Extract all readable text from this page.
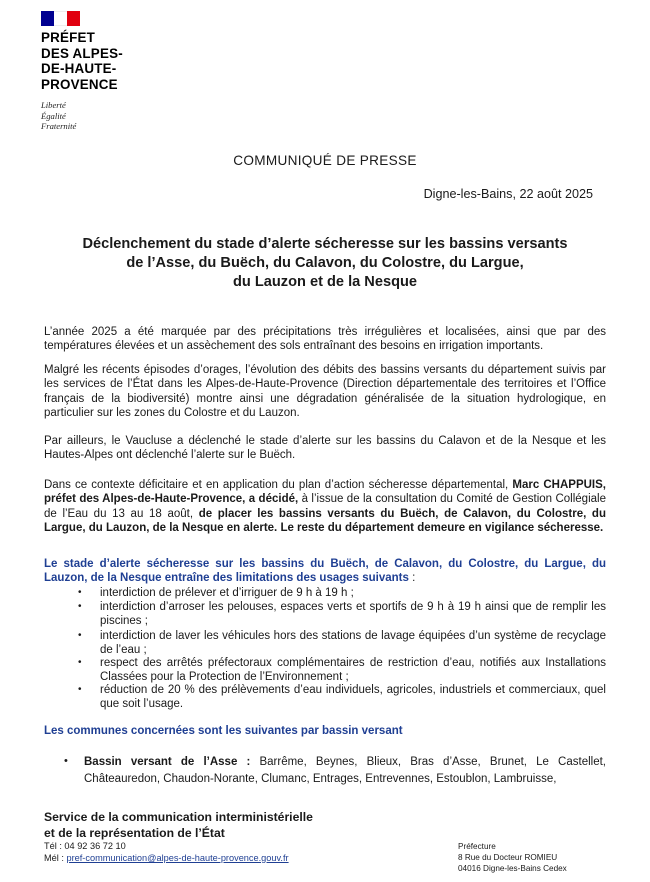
PRÉFET
DES ALPES-
DE-HAUTE-
PROVENCE
Liberté
Égalité
Fraternité
COMMUNIQUÉ DE PRESSE
Digne-les-Bains, 22 août 2025
Déclenchement du stade d’alerte sécheresse sur les bassins versants
de l’Asse, du Buëch, du Calavon, du Colostre, du Largue,
du Lauzon et de la Nesque
L’année 2025 a été marquée par des précipitations très irrégulières et localisées, ainsi que par des températures élevées et un assèchement des sols entraînant des besoins en irrigation importants.
Malgré les récents épisodes d’orages, l’évolution des débits des bassins versants du département suivis par les services de l’État dans les Alpes-de-Haute-Provence (Direction départementale des territoires et l’Office français de la biodiversité) montre ainsi une dégradation généralisée de la situation hydrologique, en particulier sur les zones du Colostre et du Lauzon.
Par ailleurs, le Vaucluse a déclenché le stade d’alerte sur les bassins du Calavon et de la Nesque et les Hautes-Alpes ont déclenché l’alerte sur le Buëch.
Dans ce contexte déficitaire et en application du plan d’action sécheresse départemental, Marc CHAPPUIS, préfet des Alpes-de-Haute-Provence, a décidé, à l’issue de la consultation du Comité de Gestion Collégiale de l’Eau du 13 au 18 août, de placer les bassins versants du Buëch, de Calavon, du Colostre, du Largue, du Lauzon, de la Nesque en alerte. Le reste du département demeure en vigilance sécheresse.
Le stade d’alerte sécheresse sur les bassins du Buëch, de Calavon, du Colostre, du Largue, du Lauzon, de la Nesque entraîne des limitations des usages suivants :
• interdiction de prélever et d’irriguer de 9 h à 19 h ;
• interdiction d’arroser les pelouses, espaces verts et sportifs de 9 h à 19 h ainsi que de remplir les piscines ;
• interdiction de laver les véhicules hors des stations de lavage équipées d’un système de recyclage de l’eau ;
• respect des arrêtés préfectoraux complémentaires de restriction d’eau, notifiés aux Installations Classées pour la Protection de l’Environnement ;
• réduction de 20 % des prélèvements d’eau individuels, agricoles, industriels et commerciaux, quel que soit l’usage.
Les communes concernées sont les suivantes par bassin versant
• Bassin versant de l’Asse : Barrême, Beynes, Blieux, Bras d’Asse, Brunet, Le Castellet, Châteauredon, Chaudon-Norante, Clumanc, Entrages, Entrevennes, Estoublon, Lambruisse,
Service de la communication interministérielle
et de la représentation de l’État
Tél : 04 92 36 72 10
Mél : pref-communication@alpes-de-haute-provence.gouv.fr
Préfecture
8 Rue du Docteur ROMIEU
04016 Digne-les-Bains Cedex
